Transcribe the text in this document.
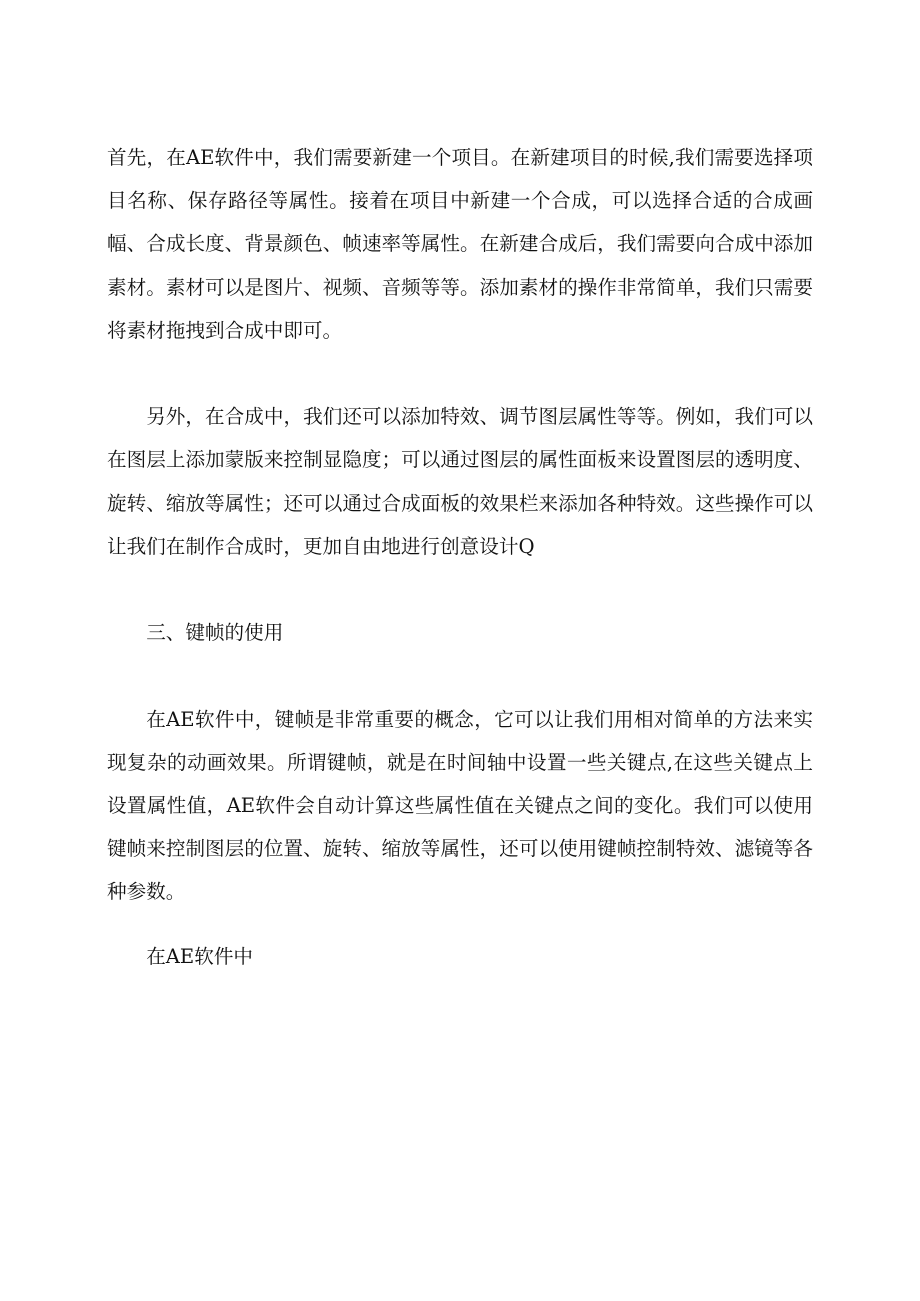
首先，在AE软件中，我们需要新建一个项目。在新建项目的时候,我们需要选择项目名称、保存路径等属性。接着在项目中新建一个合成，可以选择合适的合成画幅、合成长度、背景颜色、帧速率等属性。在新建合成后，我们需要向合成中添加素材。素材可以是图片、视频、音频等等。添加素材的操作非常简单，我们只需要将素材拖拽到合成中即可。

另外，在合成中，我们还可以添加特效、调节图层属性等等。例如，我们可以在图层上添加蒙版来控制显隐度；可以通过图层的属性面板来设置图层的透明度、旋转、缩放等属性；还可以通过合成面板的效果栏来添加各种特效。这些操作可以让我们在制作合成时，更加自由地进行创意设计Q

三、键帧的使用

在AE软件中，键帧是非常重要的概念，它可以让我们用相对简单的方法来实现复杂的动画效果。所谓键帧，就是在时间轴中设置一些关键点,在这些关键点上设置属性值，AE软件会自动计算这些属性值在关键点之间的变化。我们可以使用键帧来控制图层的位置、旋转、缩放等属性，还可以使用键帧控制特效、滤镜等各种参数。

在AE软件中
